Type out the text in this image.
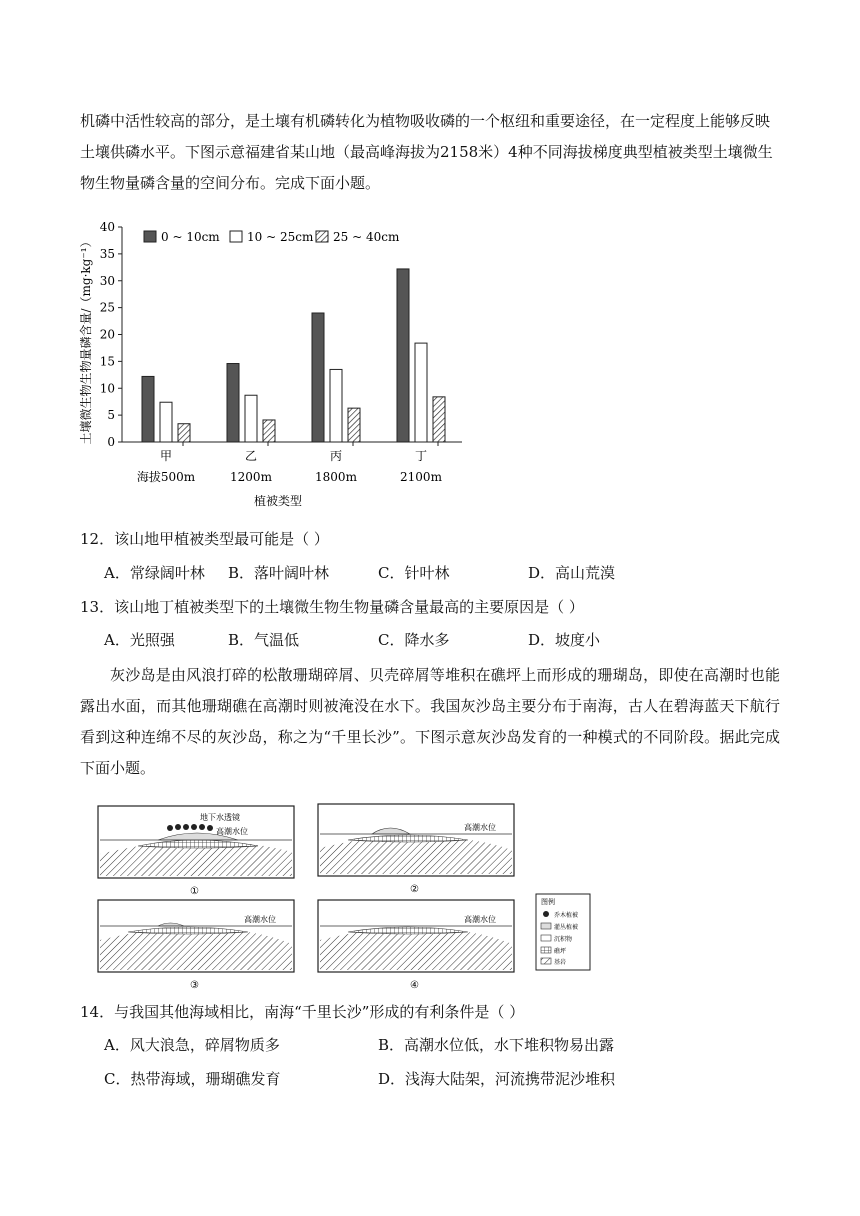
机磷中活性较高的部分，是土壤有机磷转化为植物吸收磷的一个枢纽和重要途径，在一定程度上能够反映
土壤供磷水平。下图示意福建省某山地（最高峰海拔为2158米）4种不同海拔梯度典型植被类型土壤微生
物生物量磷含量的空间分布。完成下面小题。
0
5
10
15
20
25
30
35
40
甲
海拔500m
乙
1200m
丙
1800m
丁
2100m
0 ~ 10cm 10 ~ 25cm 25 ~ 40cm
土壤微生物生物量磷含量/（mg·kg⁻¹）
植被类型
12．该山地甲植被类型最可能是（ ）
A．常绿阔叶林 B．落叶阔叶林	C．针叶林	D．高山荒漠
13．该山地丁植被类型下的土壤微生物生物量磷含量最高的主要原因是（ ）
A．光照强	B．气温低	C．降水多	D．坡度小
灰沙岛是由风浪打碎的松散珊瑚碎屑、贝壳碎屑等堆积在礁坪上而形成的珊瑚岛，即使在高潮时也能露出水面，而其他珊瑚礁在高潮时则被淹没在水下。我国灰沙岛主要分布于南海，古人在碧海蓝天下航行看到这种连绵不尽的灰沙岛，称之为“千里长沙”。下图示意灰沙岛发育的一种模式的不同阶段。据此完成下面小题。
地下水透镜
高潮水位
①
高潮水位
②
高潮水位
③
高潮水位
④
图例
乔木植被
灌丛植被
沉积物
礁坪
基岩
14．与我国其他海域相比，南海“千里长沙”形成的有利条件是（ ）
A．风大浪急，碎屑物质多	B．高潮水位低，水下堆积物易出露
C．热带海域，珊瑚礁发育	D．浅海大陆架，河流携带泥沙堆积
